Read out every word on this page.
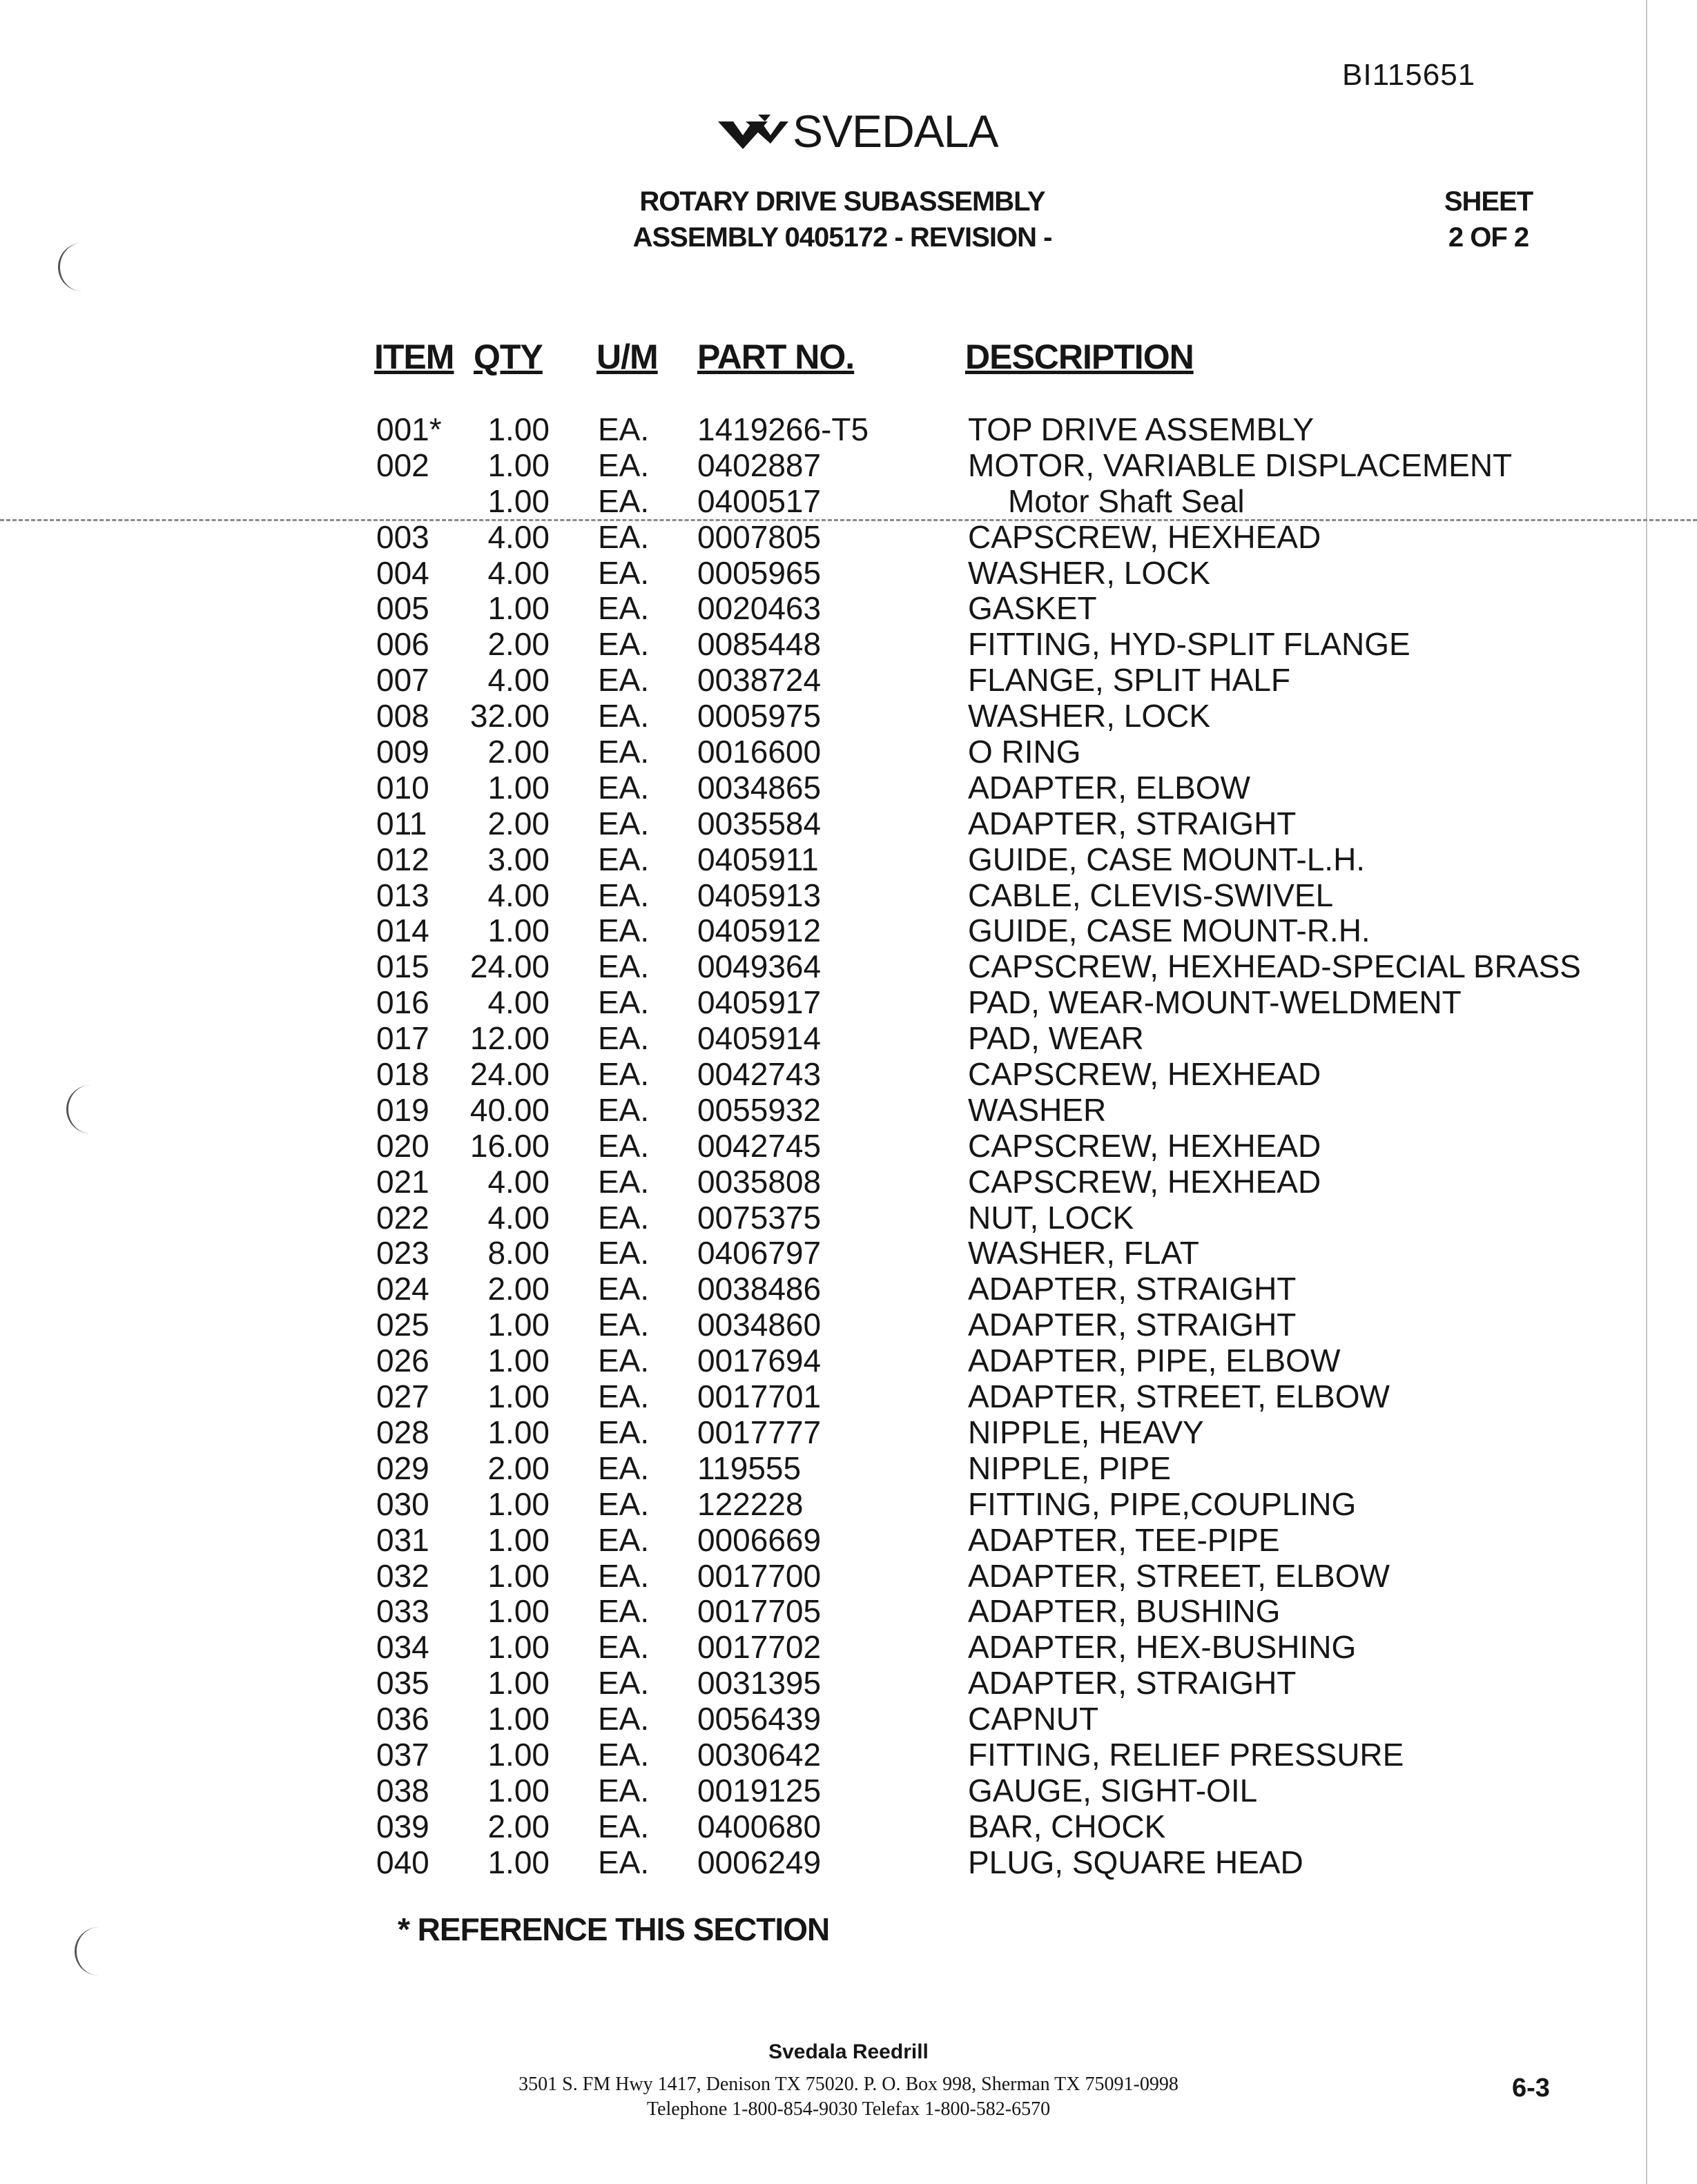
BI115651
SVEDALA
ROTARY DRIVE SUBASSEMBLY
ASSEMBLY 0405172 - REVISION -
SHEET
2 OF 2
ITEM QTY U/M PART NO.	DESCRIPTION
001*	1.00 EA. 1419266-T5	TOP DRIVE ASSEMBLY
002	1.00 EA. 0402887	MOTOR, VARIABLE DISPLACEMENT
1.00 EA. 0400517	Motor Shaft Seal
003	4.00 EA. 0007805	CAPSCREW, HEXHEAD
004	4.00 EA. 0005965	WASHER, LOCK
005	1.00 EA. 0020463	GASKET
006	2.00 EA. 0085448	FITTING, HYD-SPLIT FLANGE
007	4.00 EA. 0038724	FLANGE, SPLIT HALF
008	32.00 EA. 0005975	WASHER, LOCK
009	2.00 EA. 0016600	O RING
010	1.00 EA. 0034865	ADAPTER, ELBOW
011	2.00 EA. 0035584	ADAPTER, STRAIGHT
012	3.00 EA. 0405911	GUIDE, CASE MOUNT-L.H.
013	4.00 EA. 0405913	CABLE, CLEVIS-SWIVEL
014	1.00 EA. 0405912	GUIDE, CASE MOUNT-R.H.
015	24.00 EA. 0049364	CAPSCREW, HEXHEAD-SPECIAL BRASS
016	4.00 EA. 0405917	PAD, WEAR-MOUNT-WELDMENT
017	12.00 EA. 0405914	PAD, WEAR
018	24.00 EA. 0042743	CAPSCREW, HEXHEAD
019	40.00 EA. 0055932	WASHER
020	16.00 EA. 0042745	CAPSCREW, HEXHEAD
021	4.00 EA. 0035808	CAPSCREW, HEXHEAD
022	4.00 EA. 0075375	NUT, LOCK
023	8.00 EA. 0406797	WASHER, FLAT
024	2.00 EA. 0038486	ADAPTER, STRAIGHT
025	1.00 EA. 0034860	ADAPTER, STRAIGHT
026	1.00 EA. 0017694	ADAPTER, PIPE, ELBOW
027	1.00 EA. 0017701	ADAPTER, STREET, ELBOW
028	1.00 EA. 0017777	NIPPLE, HEAVY
029	2.00 EA. 119555	NIPPLE, PIPE
030	1.00 EA. 122228	FITTING, PIPE,COUPLING
031	1.00 EA. 0006669	ADAPTER, TEE-PIPE
032	1.00 EA. 0017700	ADAPTER, STREET, ELBOW
033	1.00 EA. 0017705	ADAPTER, BUSHING
034	1.00 EA. 0017702	ADAPTER, HEX-BUSHING
035	1.00 EA. 0031395	ADAPTER, STRAIGHT
036	1.00 EA. 0056439	CAPNUT
037	1.00 EA. 0030642	FITTING, RELIEF PRESSURE
038	1.00 EA. 0019125	GAUGE, SIGHT-OIL
039	2.00 EA. 0400680	BAR, CHOCK
040	1.00 EA. 0006249	PLUG, SQUARE HEAD
* REFERENCE THIS SECTION
Svedala Reedrill
3501 S. FM Hwy 1417, Denison TX 75020. P. O. Box 998, Sherman TX 75091-0998
Telephone 1-800-854-9030 Telefax 1-800-582-6570
6-3
